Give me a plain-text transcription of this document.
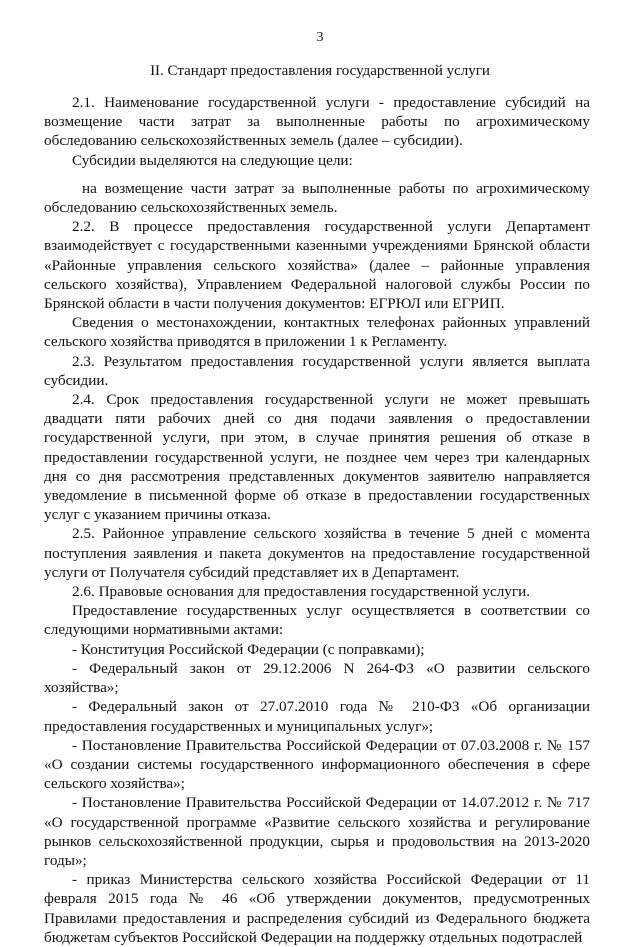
3
II. Стандарт предоставления государственной услуги

2.1. Наименование государственной услуги - предоставление субсидий на возмещение части затрат за выполненные работы по агрохимическому обследованию сельскохозяйственных земель (далее – субсидии).

Субсидии выделяются на следующие цели:

на возмещение части затрат за выполненные работы по агрохимическому обследованию сельскохозяйственных земель.

2.2. В процессе предоставления государственной услуги Департамент взаимодействует с государственными казенными учреждениями Брянской области «Районные управления сельского хозяйства» (далее – районные управления сельского хозяйства), Управлением Федеральной налоговой службы России по Брянской области в части получения документов: ЕГРЮЛ или ЕГРИП.

Сведения о местонахождении, контактных телефонах районных управлений сельского хозяйства приводятся в приложении 1 к Регламенту.

2.3. Результатом предоставления государственной услуги является выплата субсидии.

2.4. Срок предоставления государственной услуги не может превышать двадцати пяти рабочих дней со дня подачи заявления о предоставлении государственной услуги, при этом, в случае принятия решения об отказе в предоставлении государственной услуги, не позднее чем через три календарных дня со дня рассмотрения представленных документов заявителю направляется уведомление в письменной форме об отказе в предоставлении государственных услуг с указанием причины отказа.

2.5. Районное управление сельского хозяйства в течение 5 дней с момента поступления заявления и пакета документов на предоставление государственной услуги от Получателя субсидий представляет их в Департамент.

2.6. Правовые основания для предоставления государственной услуги.

Предоставление государственных услуг осуществляется в соответствии со следующими нормативными актами:

- Конституция Российской Федерации (с поправками);

- Федеральный закон от 29.12.2006 N 264-ФЗ «О развитии сельского хозяйства»;

- Федеральный закон от 27.07.2010 года № 210-ФЗ «Об организации предоставления государственных и муниципальных услуг»;

- Постановление Правительства Российской Федерации от 07.03.2008 г. № 157 «О создании системы государственного информационного обеспечения в сфере сельского хозяйства»;

- Постановление Правительства Российской Федерации от 14.07.2012 г. № 717 «О государственной программе «Развитие сельского хозяйства и регулирование рынков сельскохозяйственной продукции, сырья и продовольствия на 2013-2020 годы»;

- приказ Министерства сельского хозяйства Российской Федерации от 11 февраля 2015 года № 46 «Об утверждении документов, предусмотренных Правилами предоставления и распределения субсидий из Федерального бюджета бюджетам субъектов Российской Федерации на поддержку отдельных подотраслей
